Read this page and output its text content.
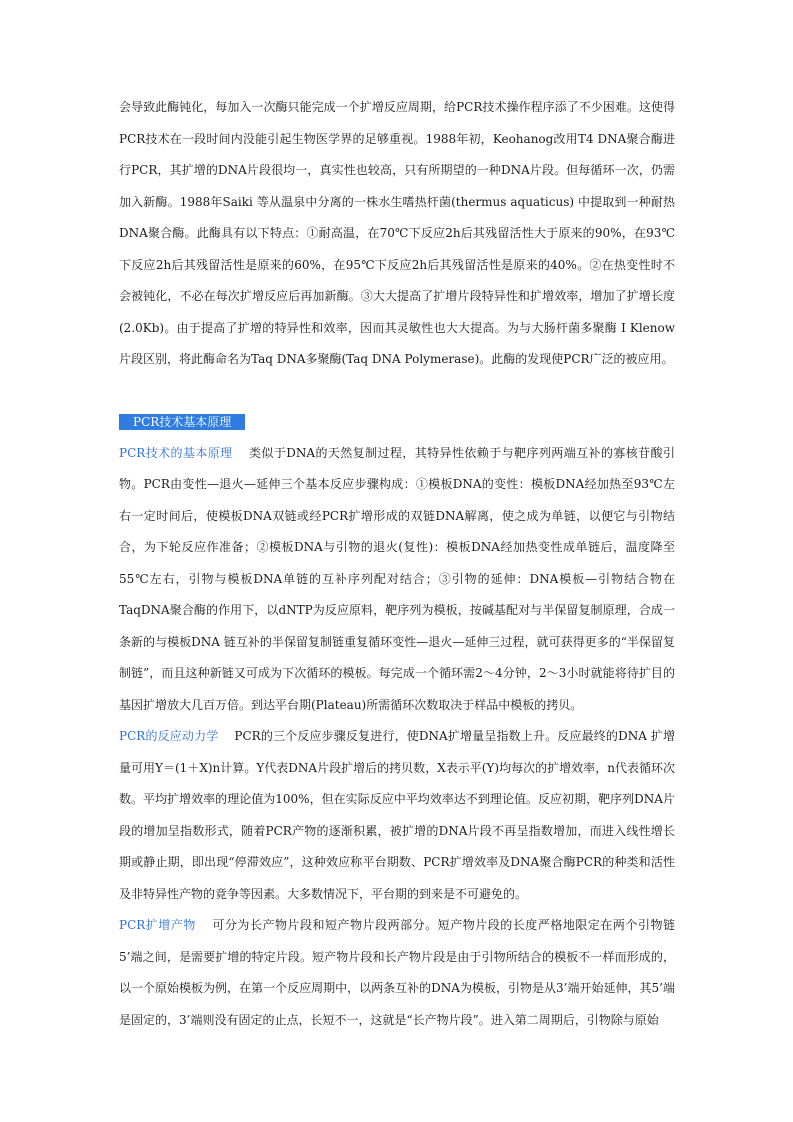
会导致此酶钝化，每加入一次酶只能完成一个扩增反应周期，给PCR技术操作程序添了不少困难。这使得PCR技术在一段时间内没能引起生物医学界的足够重视。1988年初，Keohanog改用T4 DNA聚合酶进行PCR，其扩增的DNA片段很均一，真实性也较高，只有所期望的一种DNA片段。但每循环一次，仍需加入新酶。1988年Saiki 等从温泉中分离的一株水生嗜热杆菌(thermus aquaticus) 中提取到一种耐热DNA聚合酶。此酶具有以下特点：①耐高温，在70℃下反应2h后其残留活性大于原来的90%，在93℃下反应2h后其残留活性是原来的60%，在95℃下反应2h后其残留活性是原来的40%。②在热变性时不会被钝化，不必在每次扩增反应后再加新酶。③大大提高了扩增片段特异性和扩增效率，增加了扩增长度(2.0Kb)。由于提高了扩增的特异性和效率，因而其灵敏性也大大提高。为与大肠杆菌多聚酶 I Klenow片段区别，将此酶命名为Taq DNA多聚酶(Taq DNA Polymerase)。此酶的发现使PCR广泛的被应用。

PCR技术基本原理

PCR技术的基本原理 类似于DNA的天然复制过程，其特异性依赖于与靶序列两端互补的寡核苷酸引物。PCR由变性—退火—延伸三个基本反应步骤构成：①模板DNA的变性：模板DNA经加热至93℃左右一定时间后，使模板DNA双链或经PCR扩增形成的双链DNA解离，使之成为单链，以便它与引物结合，为下轮反应作准备；②模板DNA与引物的退火(复性)：模板DNA经加热变性成单链后，温度降至55℃左右，引物与模板DNA单链的互补序列配对结合；③引物的延伸：DNA模板—引物结合物在TaqDNA聚合酶的作用下，以dNTP为反应原料，靶序列为模板，按碱基配对与半保留复制原理，合成一条新的与模板DNA 链互补的半保留复制链重复循环变性—退火—延伸三过程，就可获得更多的“半保留复制链”，而且这种新链又可成为下次循环的模板。每完成一个循环需2～4分钟，2～3小时就能将待扩目的基因扩增放大几百万倍。到达平台期(Plateau)所需循环次数取决于样品中模板的拷贝。

PCR的反应动力学 PCR的三个反应步骤反复进行，使DNA扩增量呈指数上升。反应最终的DNA 扩增量可用Y＝(1＋X)n计算。Y代表DNA片段扩增后的拷贝数，X表示平(Y)均每次的扩增效率，n代表循环次数。平均扩增效率的理论值为100%，但在实际反应中平均效率达不到理论值。反应初期，靶序列DNA片段的增加呈指数形式，随着PCR产物的逐渐积累，被扩增的DNA片段不再呈指数增加，而进入线性增长期或静止期，即出现“停滞效应”，这种效应称平台期数、PCR扩增效率及DNA聚合酶PCR的种类和活性及非特异性产物的竟争等因素。大多数情况下，平台期的到来是不可避免的。

PCR扩增产物 可分为长产物片段和短产物片段两部分。短产物片段的长度严格地限定在两个引物链5’端之间，是需要扩增的特定片段。短产物片段和长产物片段是由于引物所结合的模板不一样而形成的，以一个原始模板为例，在第一个反应周期中，以两条互补的DNA为模板，引物是从3’端开始延伸，其5’端是固定的，3’端则没有固定的止点，长短不一，这就是“长产物片段”。进入第二周期后，引物除与原始
